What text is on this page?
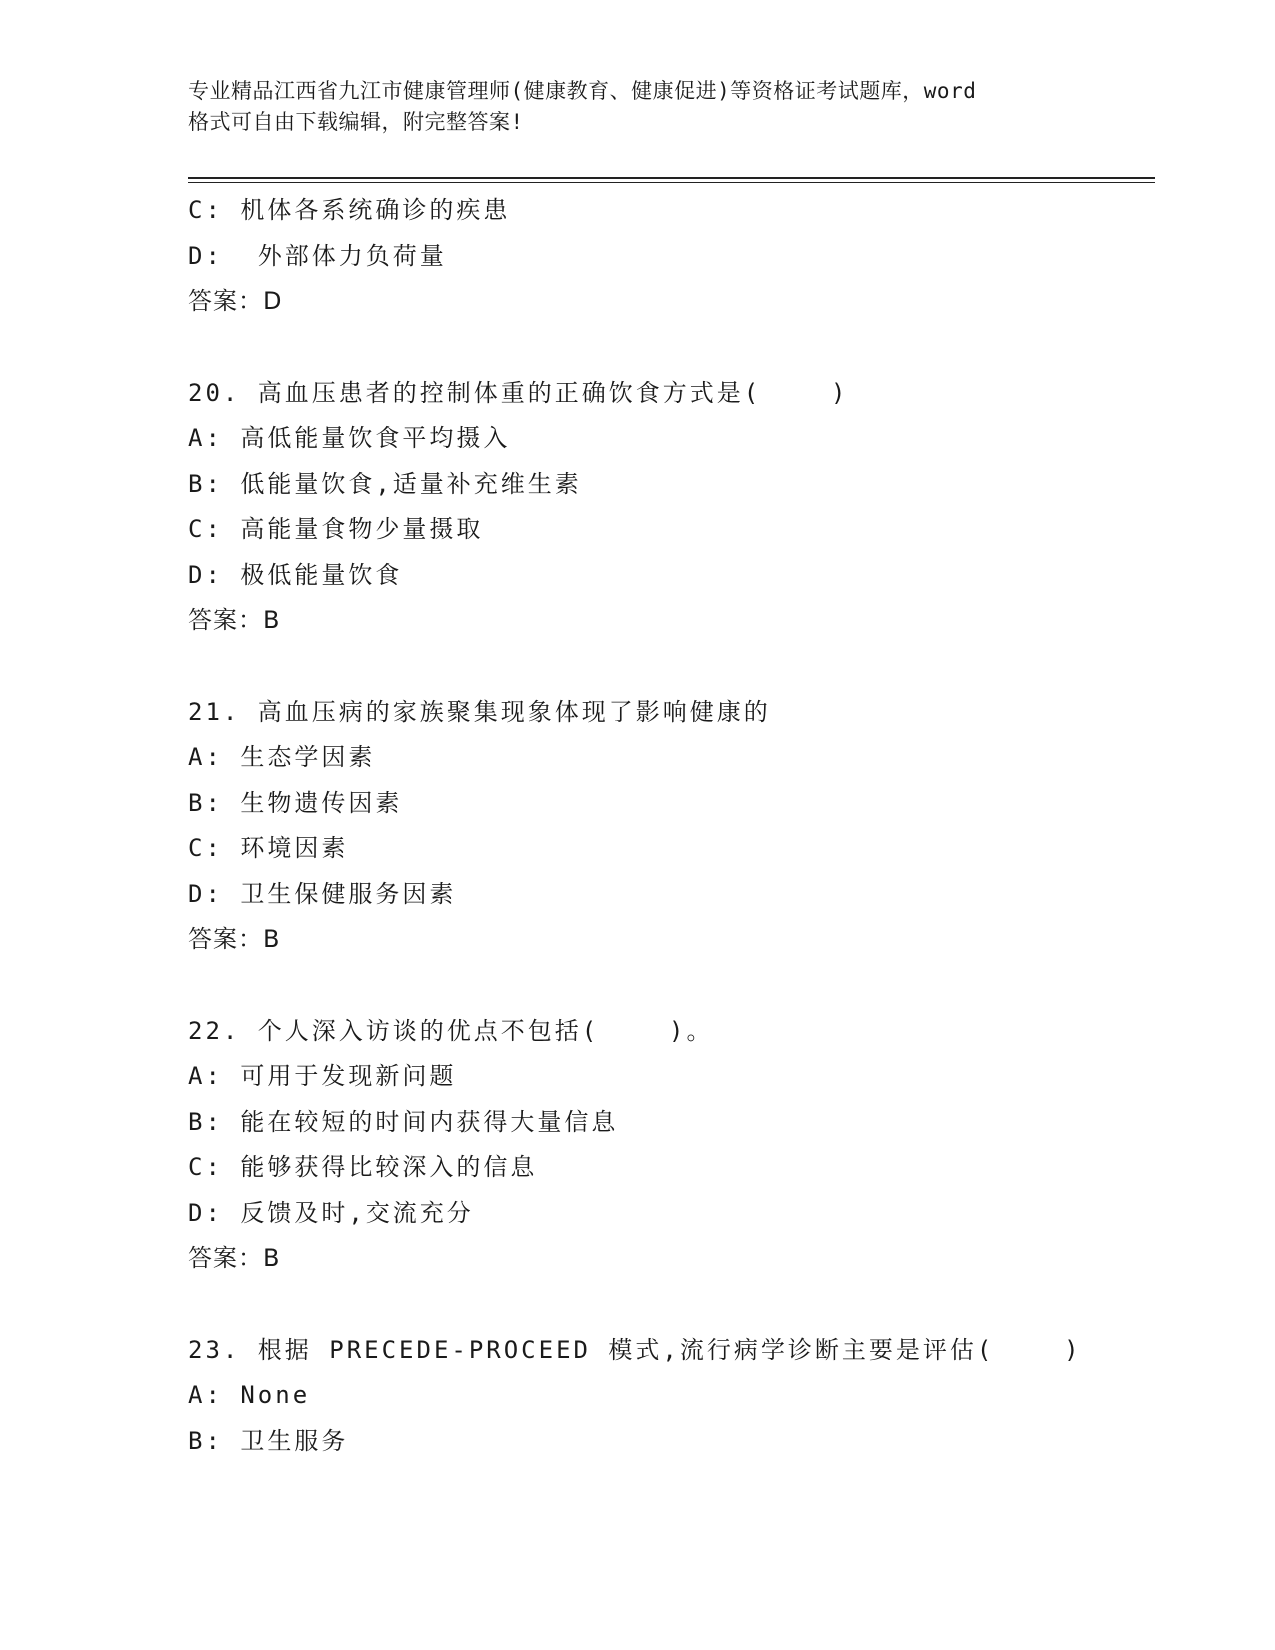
专业精品江西省九江市健康管理师(健康教育、健康促进)等资格证考试题库，word
格式可自由下载编辑，附完整答案!
C: 机体各系统确诊的疾患
D:  外部体力负荷量
答案：D
20. 高血压患者的控制体重的正确饮食方式是(    )
A: 高低能量饮食平均摄入
B: 低能量饮食,适量补充维生素
C: 高能量食物少量摄取
D: 极低能量饮食
答案：B
21. 高血压病的家族聚集现象体现了影响健康的
A: 生态学因素
B: 生物遗传因素
C: 环境因素
D: 卫生保健服务因素
答案：B
22. 个人深入访谈的优点不包括(    )。
A: 可用于发现新问题
B: 能在较短的时间内获得大量信息
C: 能够获得比较深入的信息
D: 反馈及时,交流充分
答案：B
23. 根据 PRECEDE-PROCEED 模式,流行病学诊断主要是评估(    )
A: None
B: 卫生服务
